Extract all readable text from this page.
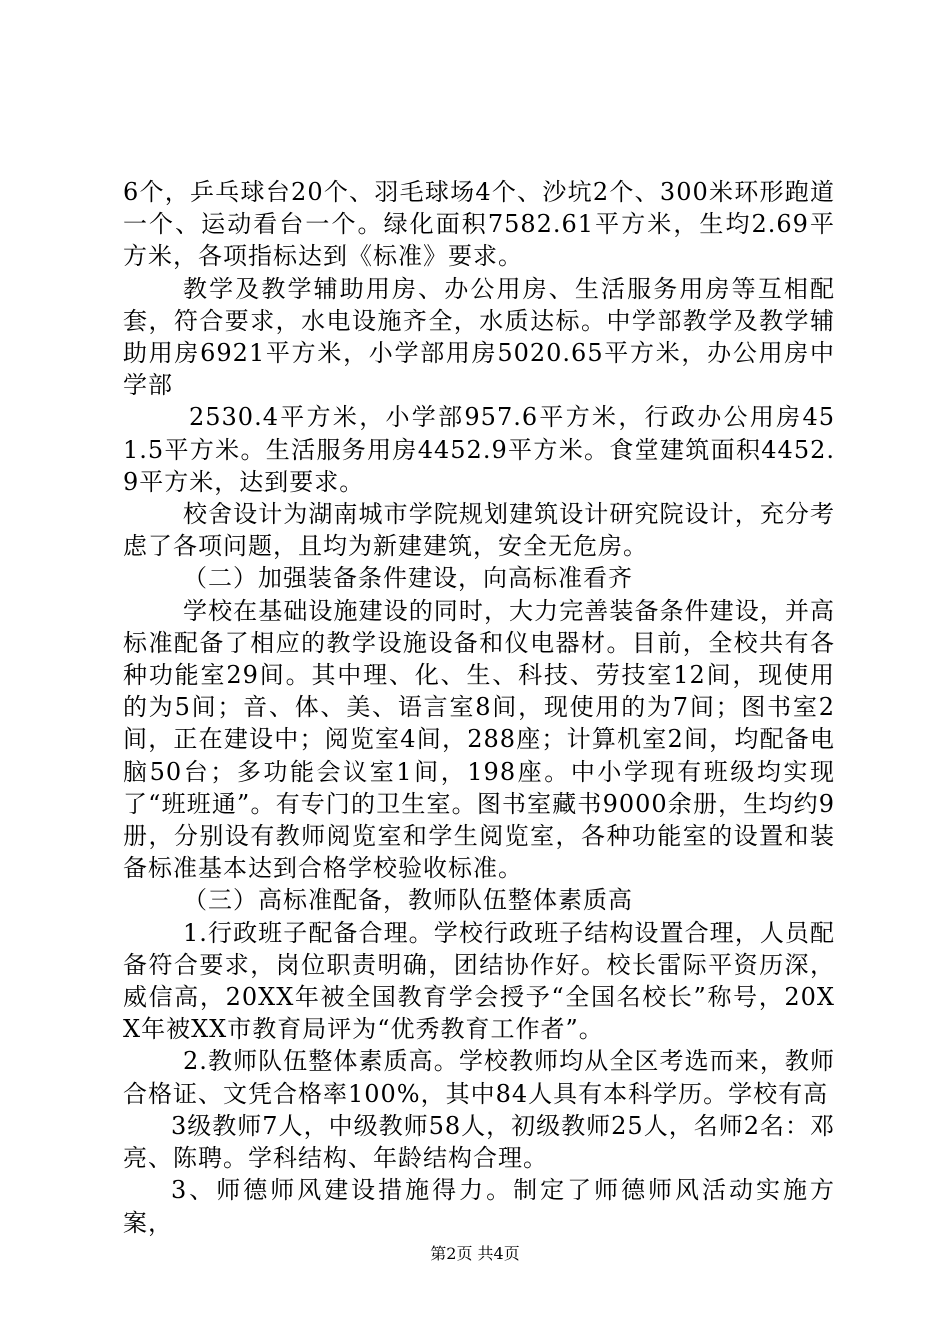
6个，乒乓球台20个、羽毛球场4个、沙坑2个、300米环形跑道一个、运动看台一个。绿化面积7582.61平方米，生均2.69平方米，各项指标达到《标准》要求。

教学及教学辅助用房、办公用房、生活服务用房等互相配套，符合要求，水电设施齐全，水质达标。中学部教学及教学辅助用房6921平方米，小学部用房5020.65平方米，办公用房中学部

2530.4平方米，小学部957.6平方米，行政办公用房451.5平方米。生活服务用房4452.9平方米。食堂建筑面积4452.9平方米，达到要求。

校舍设计为湖南城市学院规划建筑设计研究院设计，充分考虑了各项问题，且均为新建建筑，安全无危房。

（二）加强装备条件建设，向高标准看齐

学校在基础设施建设的同时，大力完善装备条件建设，并高标准配备了相应的教学设施设备和仪电器材。目前，全校共有各种功能室29间。其中理、化、生、科技、劳技室12间，现使用的为5间；音、体、美、语言室8间，现使用的为7间；图书室2间，正在建设中；阅览室4间，288座；计算机室2间，均配备电脑50台；多功能会议室1间，198座。中小学现有班级均实现了“班班通”。有专门的卫生室。图书室藏书9000余册，生均约9册，分别设有教师阅览室和学生阅览室，各种功能室的设置和装备标准基本达到合格学校验收标准。

（三）高标准配备，教师队伍整体素质高

1.行政班子配备合理。学校行政班子结构设置合理，人员配备符合要求，岗位职责明确，团结协作好。校长雷际平资历深，威信高，20XX年被全国教育学会授予“全国名校长”称号，20XX年被XX市教育局评为“优秀教育工作者”。

2.教师队伍整体素质高。学校教师均从全区考选而来，教师合格证、文凭合格率100%，其中84人具有本科学历。学校有高

3级教师7人，中级教师58人，初级教师25人，名师2名：邓亮、陈聘。学科结构、年龄结构合理。

3、师德师风建设措施得力。制定了师德师风活动实施方案，

第2页 共4页
